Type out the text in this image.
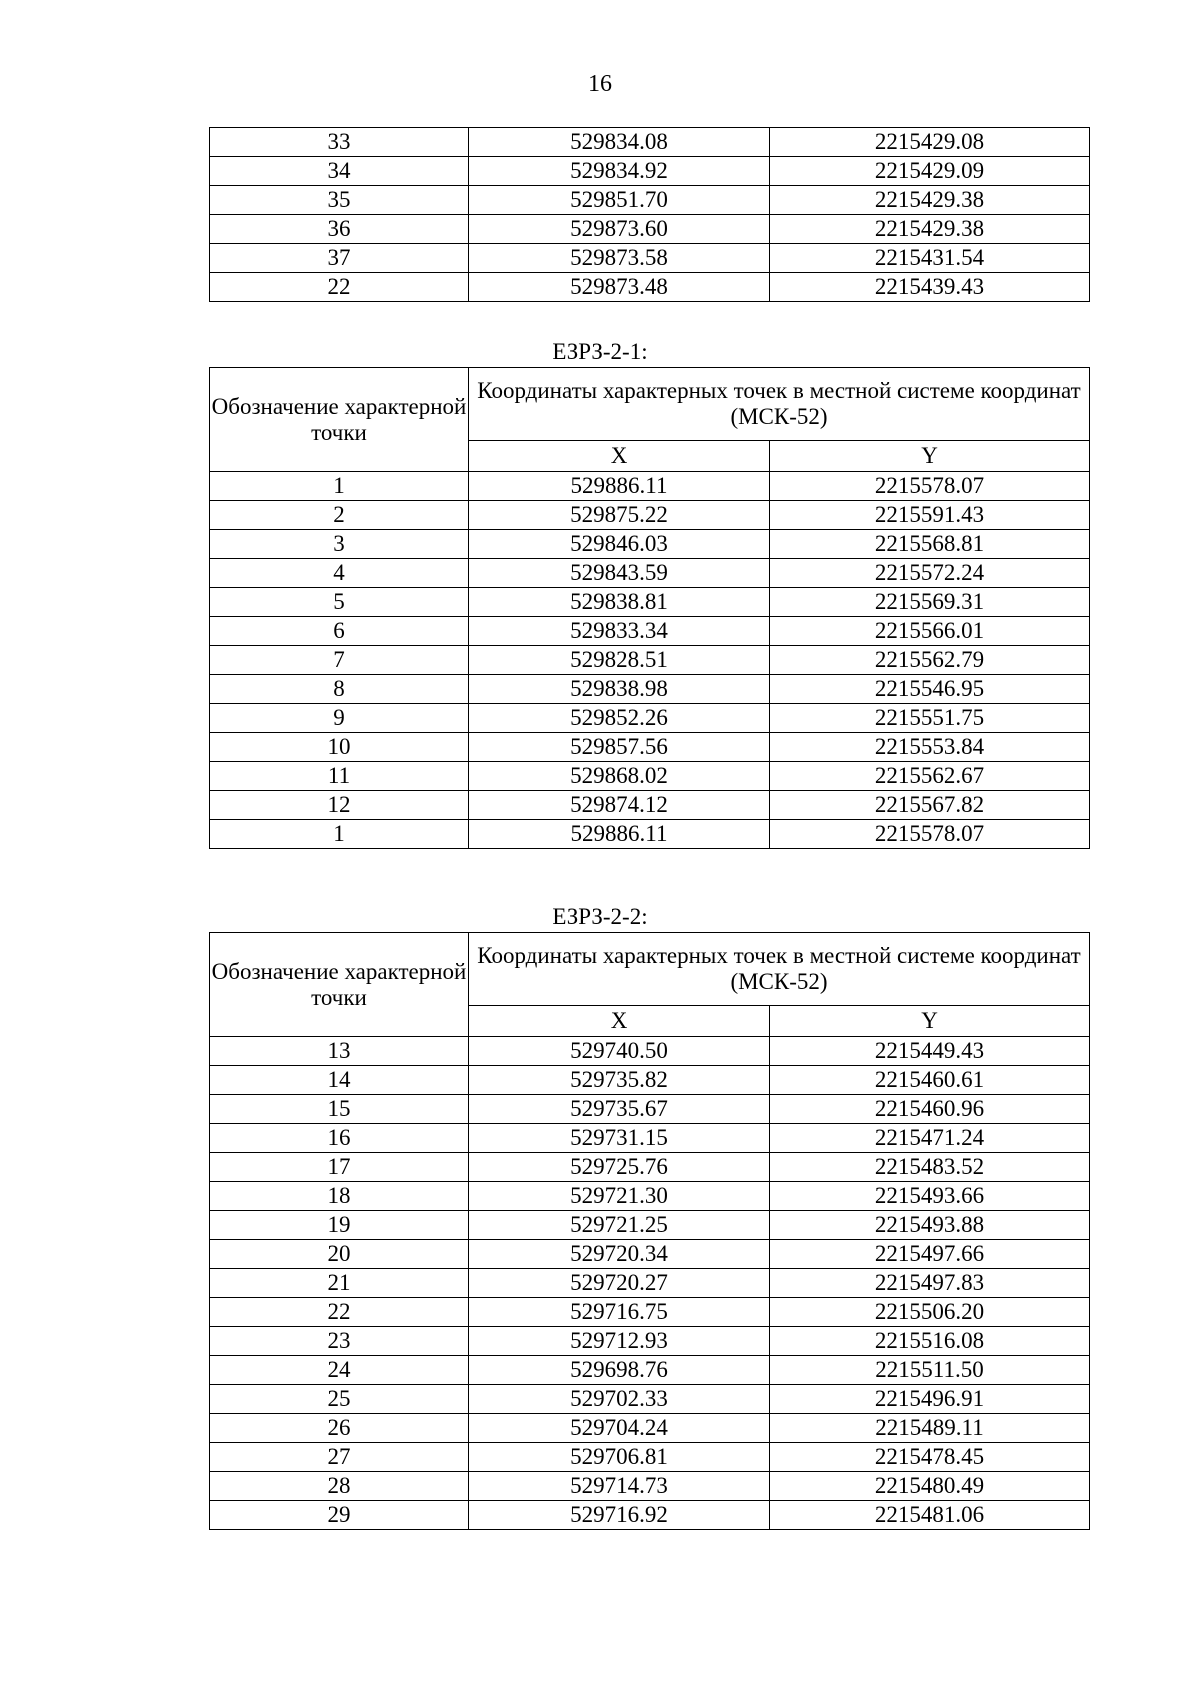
16
33	529834.08	2215429.08
34	529834.92	2215429.09
35	529851.70	2215429.38
36	529873.60	2215429.38
37	529873.58	2215431.54
22	529873.48	2215439.43
ЕЗРЗ-2-1:
Обозначение характерной точки	Координаты характерных точек в местной системе координат (МСК-52)	
	X	Y
1	529886.11	2215578.07
2	529875.22	2215591.43
3	529846.03	2215568.81
4	529843.59	2215572.24
5	529838.81	2215569.31
6	529833.34	2215566.01
7	529828.51	2215562.79
8	529838.98	2215546.95
9	529852.26	2215551.75
10	529857.56	2215553.84
11	529868.02	2215562.67
12	529874.12	2215567.82
1	529886.11	2215578.07
ЕЗРЗ-2-2:
Обозначение характерной точки	Координаты характерных точек в местной системе координат (МСК-52)	
	X	Y
13	529740.50	2215449.43
14	529735.82	2215460.61
15	529735.67	2215460.96
16	529731.15	2215471.24
17	529725.76	2215483.52
18	529721.30	2215493.66
19	529721.25	2215493.88
20	529720.34	2215497.66
21	529720.27	2215497.83
22	529716.75	2215506.20
23	529712.93	2215516.08
24	529698.76	2215511.50
25	529702.33	2215496.91
26	529704.24	2215489.11
27	529706.81	2215478.45
28	529714.73	2215480.49
29	529716.92	2215481.06
